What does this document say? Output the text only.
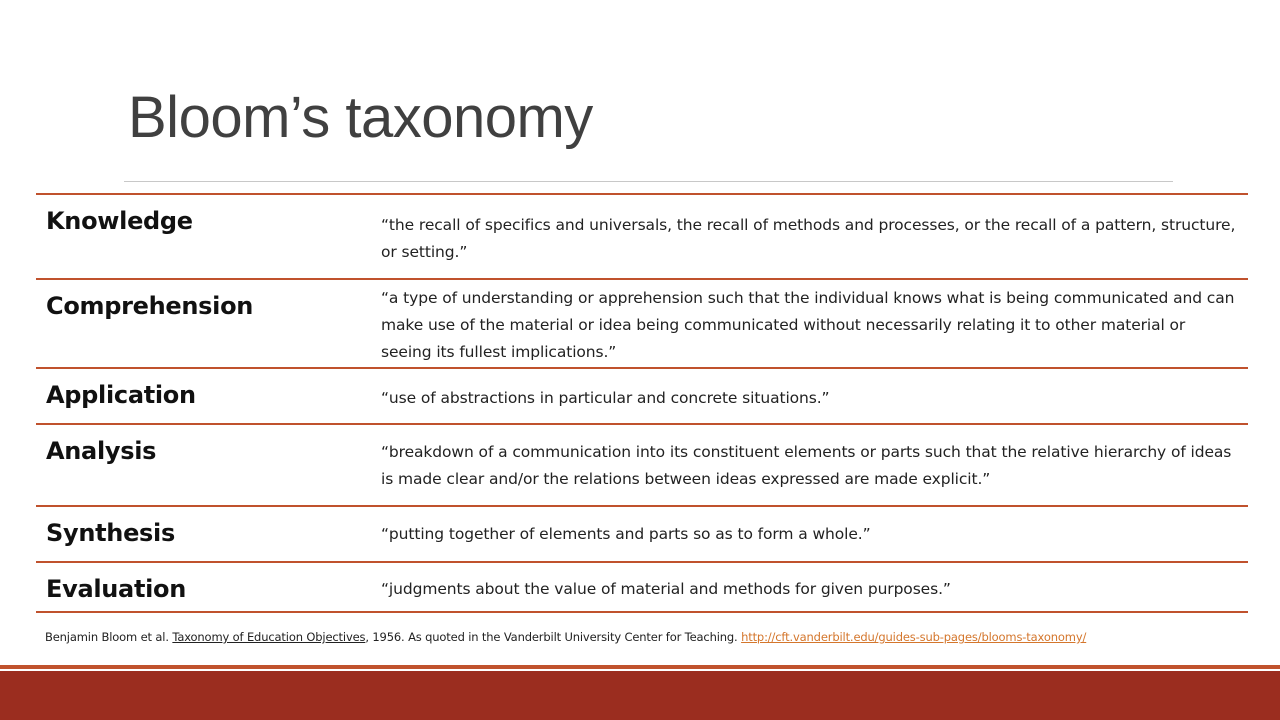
Bloom’s taxonomy
Knowledge	“the recall of specifics and universals, the recall of methods and processes, or the recall of a pattern, structure, or setting.”
Comprehension	“a type of understanding or apprehension such that the individual knows what is being communicated and can make use of the material or idea being communicated without necessarily relating it to other material or seeing its fullest implications.”
Application	“use of abstractions in particular and concrete situations.”
Analysis	“breakdown of a communication into its constituent elements or parts such that the relative hierarchy of ideas is made clear and/or the relations between ideas expressed are made explicit.”
Synthesis	“putting together of elements and parts so as to form a whole.”
Evaluation	“judgments about the value of material and methods for given purposes.”
Benjamin Bloom et al. Taxonomy of Education Objectives, 1956. As quoted in the Vanderbilt University Center for Teaching. http://cft.vanderbilt.edu/guides-sub-pages/blooms-taxonomy/
